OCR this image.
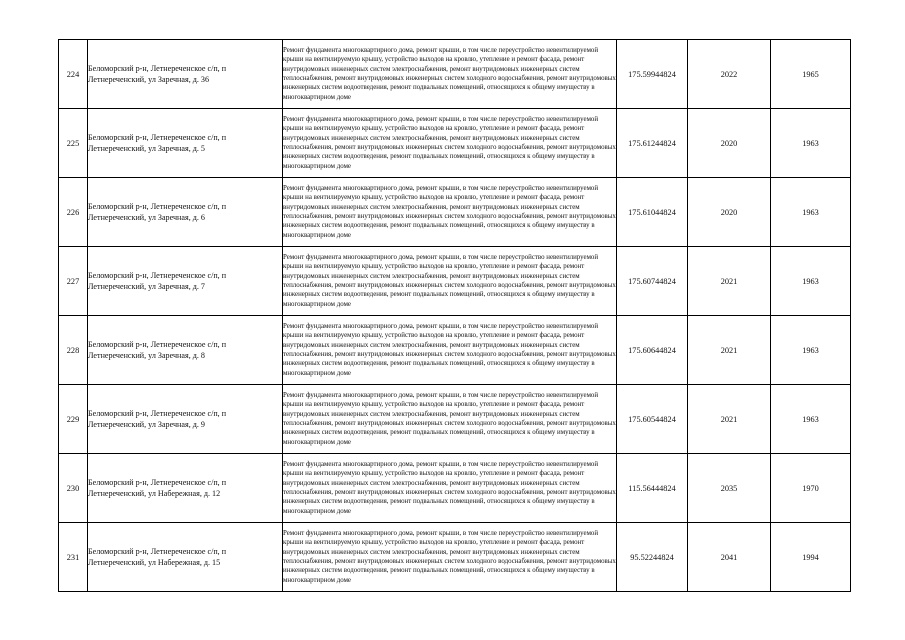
224	Беломорский р-н, Летнереченское с/п, п Летнереченский, ул Заречная, д. 36	Ремонт фундамента многоквартирного дома, ремонт крыши, в том числе переустройство невентилируемой крыши на вентилируемую крышу, устройство выходов на кровлю, утепление и ремонт фасада, ремонт внутридомовых инженерных систем электроснабжения, ремонт внутридомовых инженерных систем теплоснабжения, ремонт внутридомовых инженерных систем холодного водоснабжения, ремонт внутридомовых инженерных систем водоотведения, ремонт подвальных помещений, относящихся к общему имуществу в многоквартирном доме	175.59944824	2022	1965
225	Беломорский р-н, Летнереченское с/п, п Летнереченский, ул Заречная, д. 5	Ремонт фундамента многоквартирного дома, ремонт крыши, в том числе переустройство невентилируемой крыши на вентилируемую крышу, устройство выходов на кровлю, утепление и ремонт фасада, ремонт внутридомовых инженерных систем электроснабжения, ремонт внутридомовых инженерных систем теплоснабжения, ремонт внутридомовых инженерных систем холодного водоснабжения, ремонт внутридомовых инженерных систем водоотведения, ремонт подвальных помещений, относящихся к общему имуществу в многоквартирном доме	175.61244824	2020	1963
226	Беломорский р-н, Летнереченское с/п, п Летнереченский, ул Заречная, д. 6	Ремонт фундамента многоквартирного дома, ремонт крыши, в том числе переустройство невентилируемой крыши на вентилируемую крышу, устройство выходов на кровлю, утепление и ремонт фасада, ремонт внутридомовых инженерных систем электроснабжения, ремонт внутридомовых инженерных систем теплоснабжения, ремонт внутридомовых инженерных систем холодного водоснабжения, ремонт внутридомовых инженерных систем водоотведения, ремонт подвальных помещений, относящихся к общему имуществу в многоквартирном доме	175.61044824	2020	1963
227	Беломорский р-н, Летнереченское с/п, п Летнереченский, ул Заречная, д. 7	Ремонт фундамента многоквартирного дома, ремонт крыши, в том числе переустройство невентилируемой крыши на вентилируемую крышу, устройство выходов на кровлю, утепление и ремонт фасада, ремонт внутридомовых инженерных систем электроснабжения, ремонт внутридомовых инженерных систем теплоснабжения, ремонт внутридомовых инженерных систем холодного водоснабжения, ремонт внутридомовых инженерных систем водоотведения, ремонт подвальных помещений, относящихся к общему имуществу в многоквартирном доме	175.60744824	2021	1963
228	Беломорский р-н, Летнереченское с/п, п Летнереченский, ул Заречная, д. 8	Ремонт фундамента многоквартирного дома, ремонт крыши, в том числе переустройство невентилируемой крыши на вентилируемую крышу, устройство выходов на кровлю, утепление и ремонт фасада, ремонт внутридомовых инженерных систем электроснабжения, ремонт внутридомовых инженерных систем теплоснабжения, ремонт внутридомовых инженерных систем холодного водоснабжения, ремонт внутридомовых инженерных систем водоотведения, ремонт подвальных помещений, относящихся к общему имуществу в многоквартирном доме	175.60644824	2021	1963
229	Беломорский р-н, Летнереченское с/п, п Летнереченский, ул Заречная, д. 9	Ремонт фундамента многоквартирного дома, ремонт крыши, в том числе переустройство невентилируемой крыши на вентилируемую крышу, устройство выходов на кровлю, утепление и ремонт фасада, ремонт внутридомовых инженерных систем электроснабжения, ремонт внутридомовых инженерных систем теплоснабжения, ремонт внутридомовых инженерных систем холодного водоснабжения, ремонт внутридомовых инженерных систем водоотведения, ремонт подвальных помещений, относящихся к общему имуществу в многоквартирном доме	175.60544824	2021	1963
230	Беломорский р-н, Летнереченское с/п, п Летнереченский, ул Набережная, д. 12	Ремонт фундамента многоквартирного дома, ремонт крыши, в том числе переустройство невентилируемой крыши на вентилируемую крышу, устройство выходов на кровлю, утепление и ремонт фасада, ремонт внутридомовых инженерных систем электроснабжения, ремонт внутридомовых инженерных систем теплоснабжения, ремонт внутридомовых инженерных систем холодного водоснабжения, ремонт внутридомовых инженерных систем водоотведения, ремонт подвальных помещений, относящихся к общему имуществу в многоквартирном доме	115.56444824	2035	1970
231	Беломорский р-н, Летнереченское с/п, п Летнереченский, ул Набережная, д. 15	Ремонт фундамента многоквартирного дома, ремонт крыши, в том числе переустройство невентилируемой крыши на вентилируемую крышу, устройство выходов на кровлю, утепление и ремонт фасада, ремонт внутридомовых инженерных систем электроснабжения, ремонт внутридомовых инженерных систем теплоснабжения, ремонт внутридомовых инженерных систем холодного водоснабжения, ремонт внутридомовых инженерных систем водоотведения, ремонт подвальных помещений, относящихся к общему имуществу в многоквартирном доме	95.52244824	2041	1994
